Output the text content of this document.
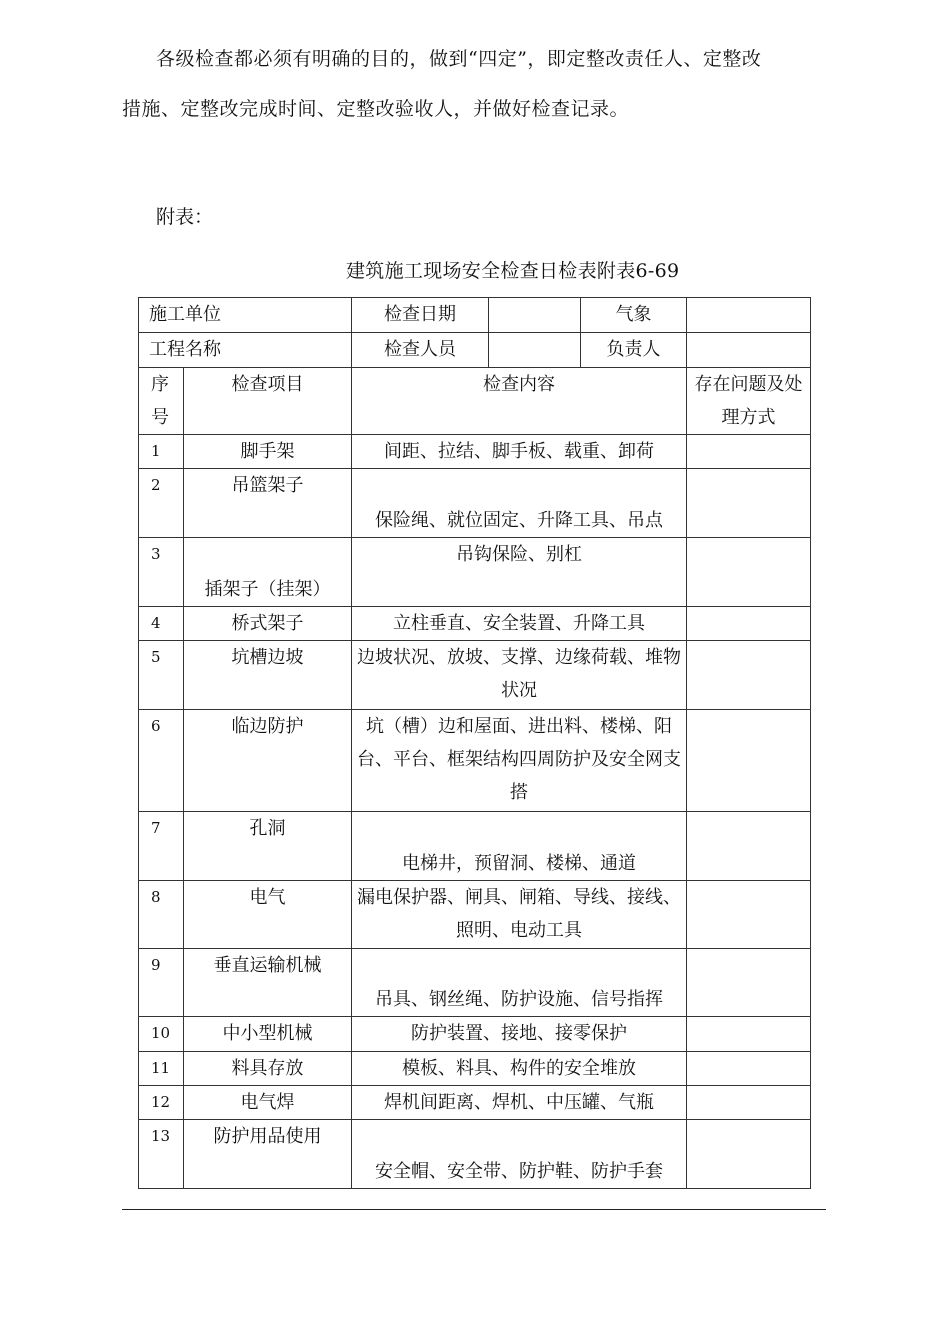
各级检查都必须有明确的目的，做到“四定”，即定整改责任人、定整改措施、定整改完成时间、定整改验收人，并做好检查记录。

附表：

建筑施工现场安全检查日检表附表6-69

施工单位		检查日期		气象	
工程名称		检查人员		负责人	
序号	检查项目	检查内容			存在问题及处理方式
1	脚手架	间距、拉结、脚手板、载重、卸荷			
2	吊篮架子	保险绳、就位固定、升降工具、吊点			
3	插架子（挂架）	吊钩保险、别杠			
4	桥式架子	立柱垂直、安全装置、升降工具			
5	坑槽边坡	边坡状况、放坡、支撑、边缘荷载、堆物状况			
6	临边防护	坑（槽）边和屋面、进出料、楼梯、阳台、平台、框架结构四周防护及安全网支搭			
7	孔洞	电梯井，预留洞、楼梯、通道			
8	电气	漏电保护器、闸具、闸箱、导线、接线、照明、电动工具			
9	垂直运输机械	吊具、钢丝绳、防护设施、信号指挥			
10	中小型机械	防护装置、接地、接零保护			
11	料具存放	模板、料具、构件的安全堆放			
12	电气焊	焊机间距离、焊机、中压罐、气瓶			
13	防护用品使用	安全帽、安全带、防护鞋、防护手套			
